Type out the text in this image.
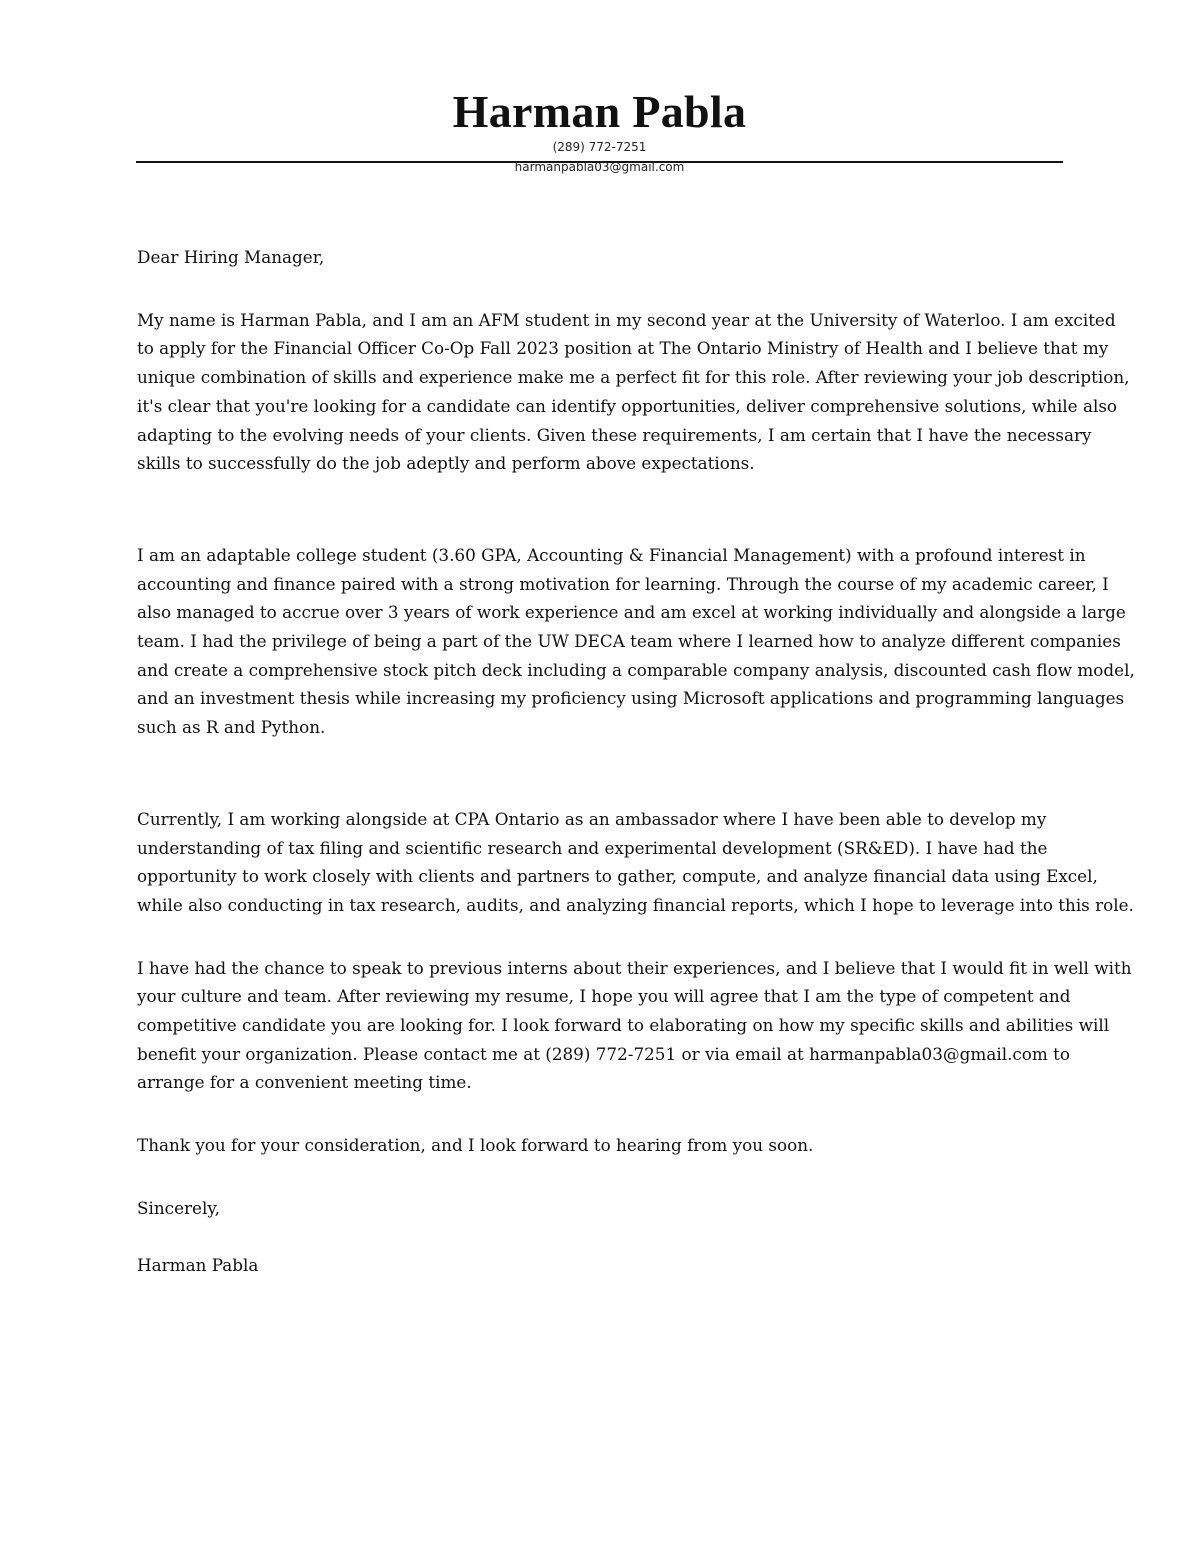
Harman Pabla
(289) 772-7251
harmanpabla03@gmail.com

Dear Hiring Manager,

My name is Harman Pabla, and I am an AFM student in my second year at the University of Waterloo. I am excited to apply for the Financial Officer Co-Op Fall 2023 position at The Ontario Ministry of Health and I believe that my unique combination of skills and experience make me a perfect fit for this role. After reviewing your job description, it's clear that you're looking for a candidate can identify opportunities, deliver comprehensive solutions, while also adapting to the evolving needs of your clients. Given these requirements, I am certain that I have the necessary skills to successfully do the job adeptly and perform above expectations.

I am an adaptable college student (3.60 GPA, Accounting & Financial Management) with a profound interest in accounting and finance paired with a strong motivation for learning. Through the course of my academic career, I also managed to accrue over 3 years of work experience and am excel at working individually and alongside a large team. I had the privilege of being a part of the UW DECA team where I learned how to analyze different companies and create a comprehensive stock pitch deck including a comparable company analysis, discounted cash flow model, and an investment thesis while increasing my proficiency using Microsoft applications and programming languages such as R and Python.

Currently, I am working alongside at CPA Ontario as an ambassador where I have been able to develop my understanding of tax filing and scientific research and experimental development (SR&ED). I have had the opportunity to work closely with clients and partners to gather, compute, and analyze financial data using Excel, while also conducting in tax research, audits, and analyzing financial reports, which I hope to leverage into this role.

I have had the chance to speak to previous interns about their experiences, and I believe that I would fit in well with your culture and team. After reviewing my resume, I hope you will agree that I am the type of competent and competitive candidate you are looking for. I look forward to elaborating on how my specific skills and abilities will benefit your organization. Please contact me at (289) 772-7251 or via email at harmanpabla03@gmail.com to arrange for a convenient meeting time.

Thank you for your consideration, and I look forward to hearing from you soon.

Sincerely,

Harman Pabla
